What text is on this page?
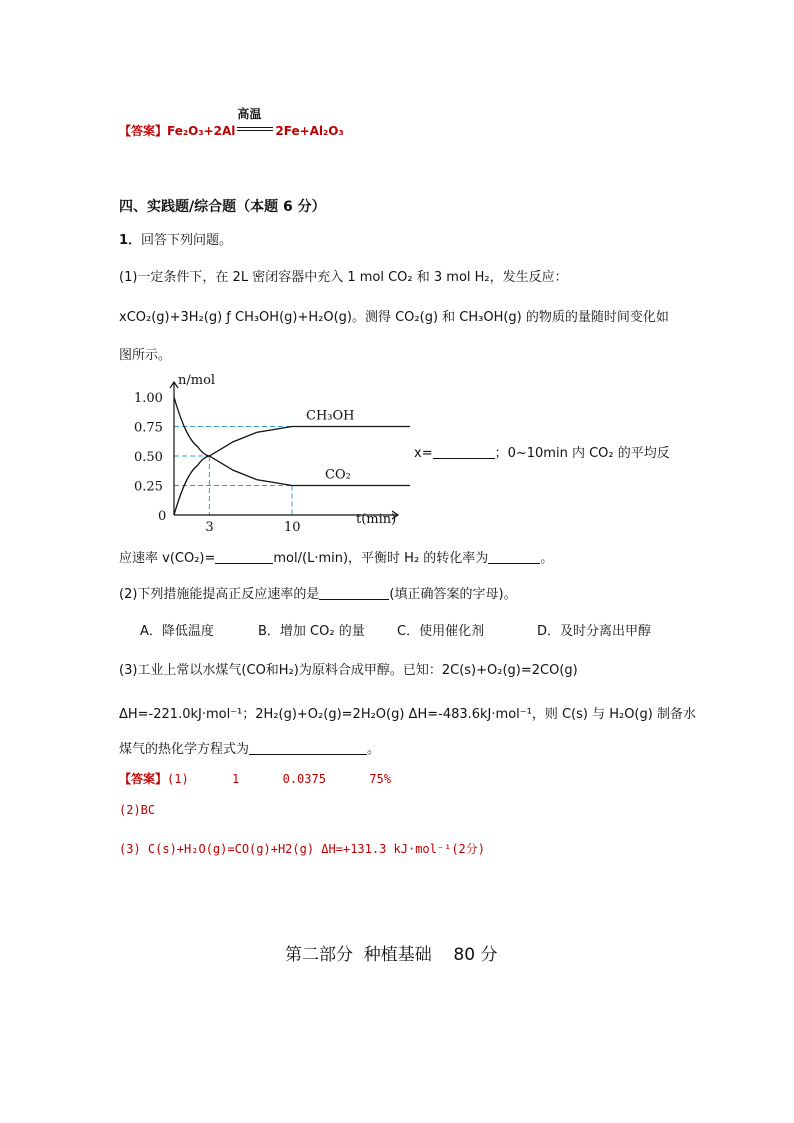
【答案】Fe₂O₃+2Al
高温
2Fe+Al₂O₃
四、实践题/综合题（本题 6 分）
1．回答下列问题。
(1)一定条件下，在 2L 密闭容器中充入 1 mol CO₂ 和 3 mol H₂，发生反应：
xCO₂(g)+3H₂(g) ƒ CH₃OH(g)+H₂O(g)。测得 CO₂(g) 和 CH₃OH(g) 的物质的量随时间变化如
图所示。
CH₃OH
CO₂
1.00
0.75
0.50
0.25
0
3	10
n/mol
t(min)
x=	；0~10min 内 CO₂ 的平均反
应速率 v(CO₂)=	mol/(L·min)，平衡时 H₂ 的转化率为	。
(2)下列措施能提高正反应速率的是	(填正确答案的字母)。
A．降低温度	B．增加 CO₂ 的量 C．使用催化剂	D．及时分离出甲醇
(3)工业上常以水煤气(CO和H₂)为原料合成甲醇。已知：2C(s)+O₂(g)=2CO(g)
ΔH=-221.0kJ·mol⁻¹；2H₂(g)+O₂(g)=2H₂O(g) ΔH=-483.6kJ·mol⁻¹，则 C(s) 与 H₂O(g) 制备水
煤气的热化学方程式为	。
【答案】(1)      1      0.0375      75%
(2)BC
(3) C(s)+H₂O(g)=CO(g)+H2(g) ΔH=+131.3 kJ·mol⁻¹(2分)
第二部分  种植基础    80 分
